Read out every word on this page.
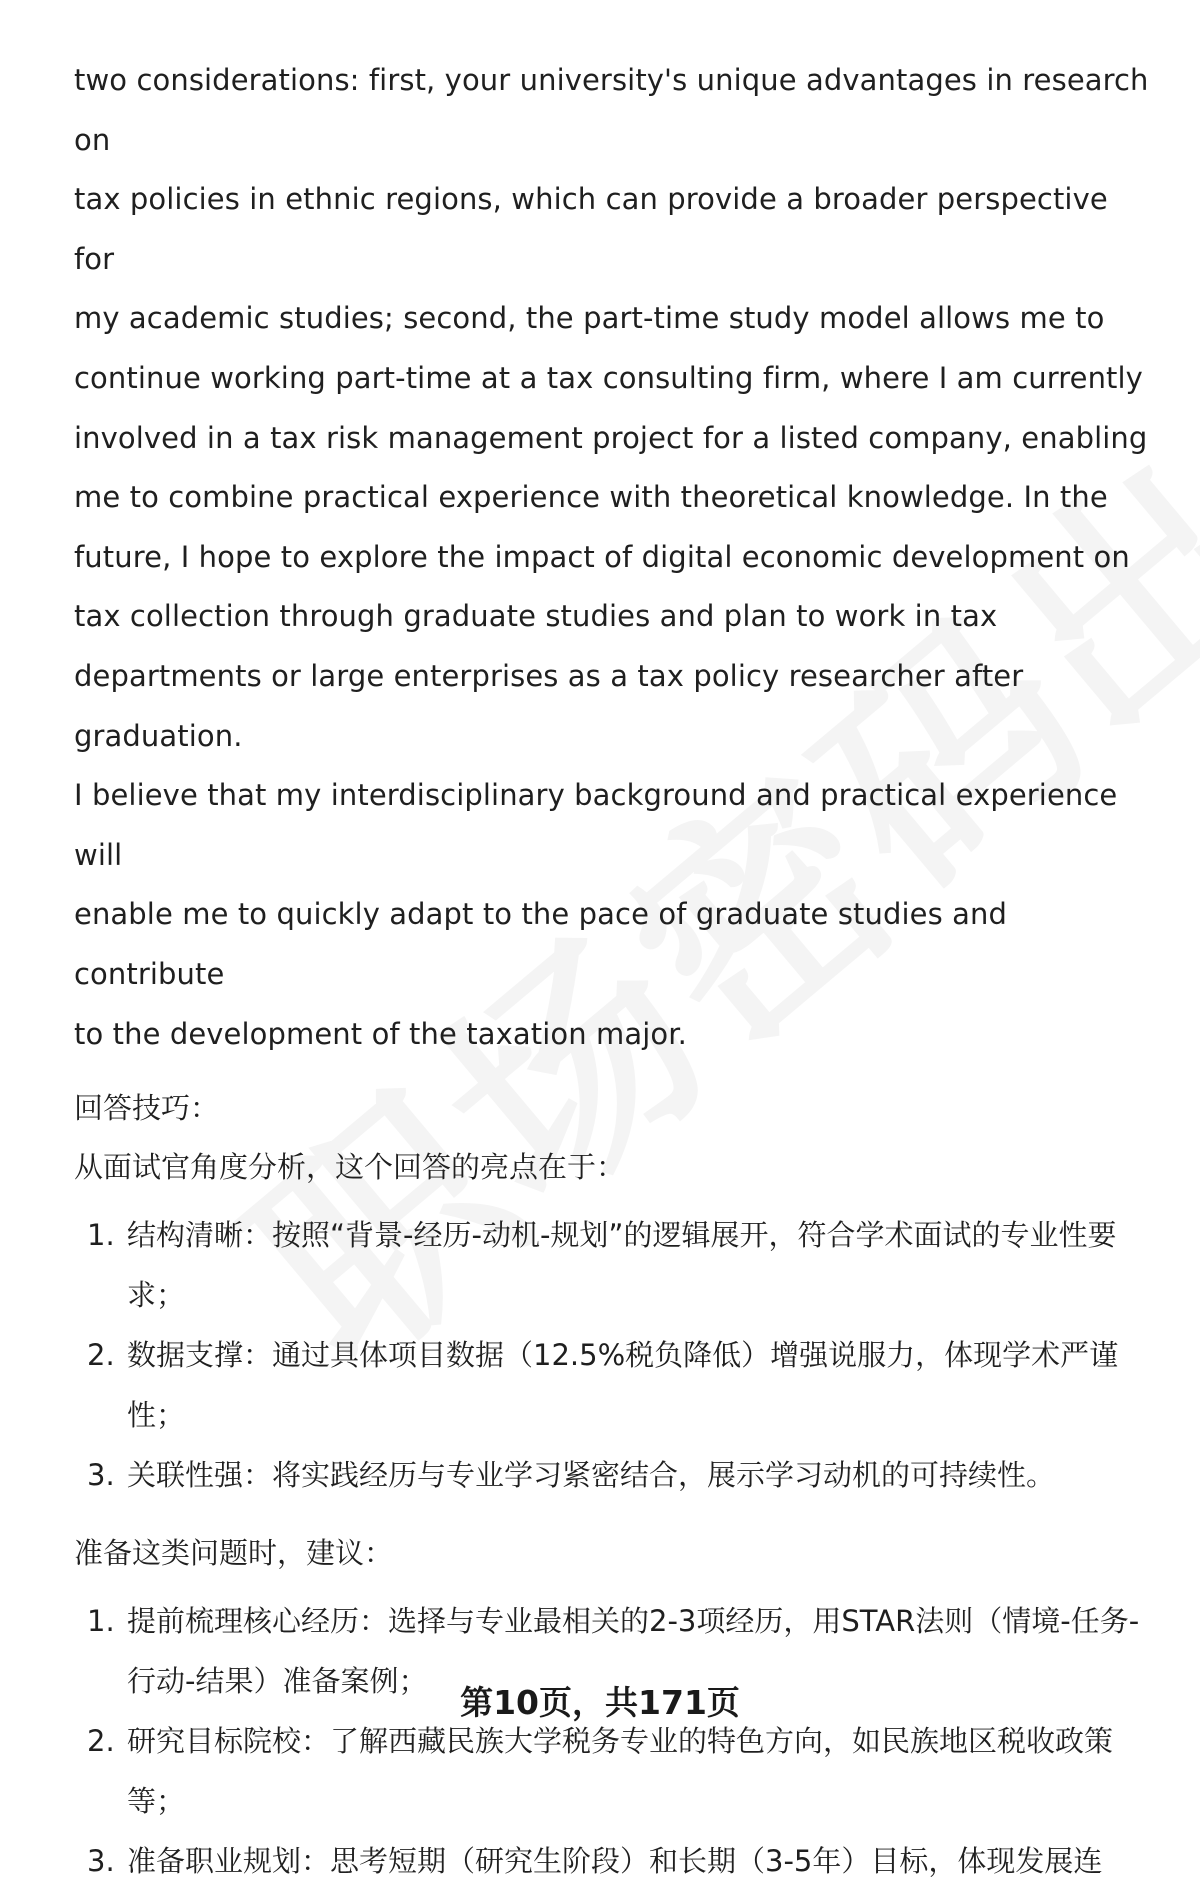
two considerations: first, your university's unique advantages in research on
tax policies in ethnic regions, which can provide a broader perspective for
my academic studies; second, the part-time study model allows me to
continue working part-time at a tax consulting firm, where I am currently
involved in a tax risk management project for a listed company, enabling
me to combine practical experience with theoretical knowledge. In the
future, I hope to explore the impact of digital economic development on
tax collection through graduate studies and plan to work in tax
departments or large enterprises as a tax policy researcher after graduation.
I believe that my interdisciplinary background and practical experience will
enable me to quickly adapt to the pace of graduate studies and contribute
to the development of the taxation major.

回答技巧：
从面试官角度分析，这个回答的亮点在于：
1. 结构清晰：按照“背景-经历-动机-规划”的逻辑展开，符合学术面试的专业性要求；
2. 数据支撑：通过具体项目数据（12.5%税负降低）增强说服力，体现学术严谨性；
3. 关联性强：将实践经历与专业学习紧密结合，展示学习动机的可持续性。
准备这类问题时，建议：
1. 提前梳理核心经历：选择与专业最相关的2-3项经历，用STAR法则（情境-任务-行动-结果）准备案例；
2. 研究目标院校：了解西藏民族大学税务专业的特色方向，如民族地区税收政策等；
3. 准备职业规划：思考短期（研究生阶段）和长期（3-5年）目标，体现发展连
第10页，共171页
